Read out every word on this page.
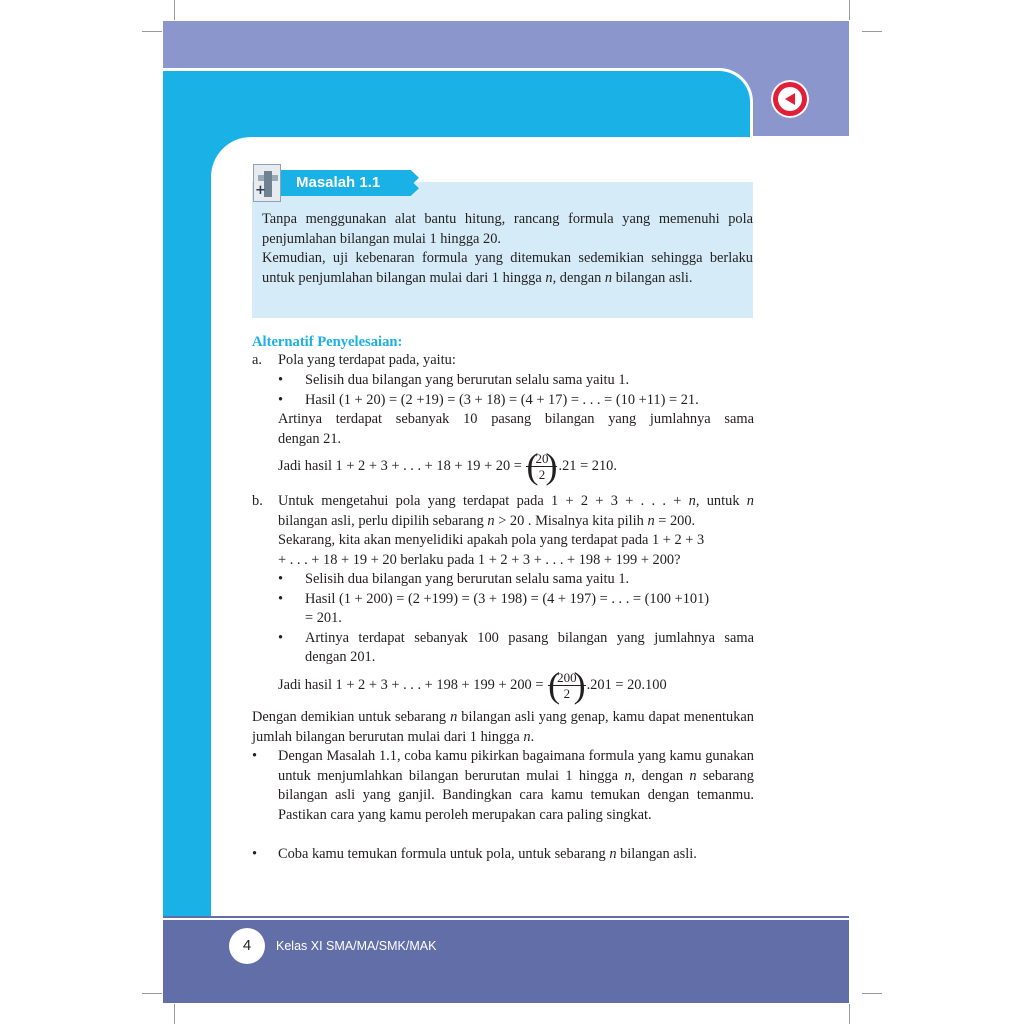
+ Masalah 1.1

Tanpa menggunakan alat bantu hitung, rancang formula yang memenuhi pola penjumlahan bilangan mulai 1 hingga 20.

Kemudian, uji kebenaran formula yang ditemukan sedemikian sehingga berlaku untuk penjumlahan bilangan mulai dari 1 hingga n, dengan n bilangan asli.

Alternatif Penyelesaian:
a. Pola yang terdapat pada, yaitu:
• Selisih dua bilangan yang berurutan selalu sama yaitu 1.
• Hasil (1 + 20) = (2 +19) = (3 + 18) = (4 + 17) = . . . = (10 +11) = 21.
Artinya terdapat sebanyak 10 pasang bilangan yang jumlahnya sama
dengan 21.
Jadi hasil 1 + 2 + 3 + . . . + 18 + 19 + 20 = (
20
2 ) .21 = 210.
b. Untuk mengetahui pola yang terdapat pada 1 + 2 + 3 + . . . + n, untuk n
bilangan asli, perlu dipilih sebarang n > 20 . Misalnya kita pilih n = 200.
Sekarang, kita akan menyelidiki apakah pola yang terdapat pada 1 + 2 + 3
+ . . . + 18 + 19 + 20 berlaku pada 1 + 2 + 3 + . . . + 198 + 199 + 200?
• Selisih dua bilangan yang berurutan selalu sama yaitu 1.
• Hasil (1 + 200) = (2 +199) = (3 + 198) = (4 + 197) = . . . = (100 +101)
= 201.
• Artinya terdapat sebanyak 100 pasang bilangan yang jumlahnya sama
dengan 201.
Jadi hasil 1 + 2 + 3 + . . . + 198 + 199 + 200 = (
200
2 ) .201 = 20.100
Dengan demikian untuk sebarang n bilangan asli yang genap, kamu dapat menentukan jumlah bilangan berurutan mulai dari 1 hingga n.
• Dengan Masalah 1.1, coba kamu pikirkan bagaimana formula yang kamu gunakan untuk menjumlahkan bilangan berurutan mulai 1 hingga n, dengan n sebarang bilangan asli yang ganjil. Bandingkan cara kamu temukan dengan temanmu. Pastikan cara yang kamu peroleh merupakan cara paling singkat.
• Coba kamu temukan formula untuk pola, untuk sebarang n bilangan asli.
4	Kelas XI SMA/MA/SMK/MAK
